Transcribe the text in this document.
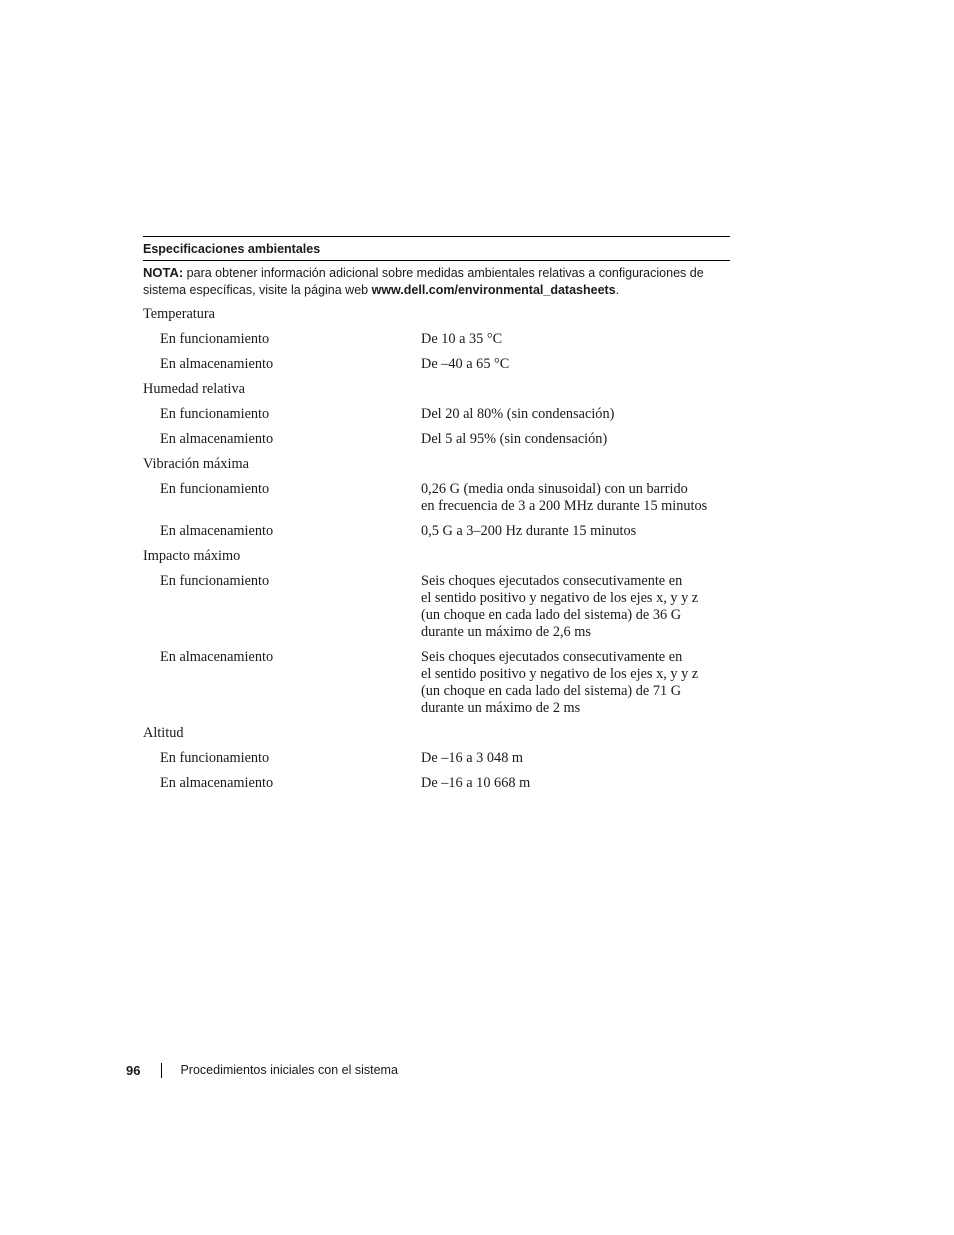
Especificaciones ambientales
NOTA: para obtener información adicional sobre medidas ambientales relativas a configuraciones de sistema específicas, visite la página web www.dell.com/environmental_datasheets.
Temperatura
En funcionamiento	De 10 a 35 °C
En almacenamiento	De –40 a 65 °C
Humedad relativa
En funcionamiento	Del 20 al 80% (sin condensación)
En almacenamiento	Del 5 al 95% (sin condensación)
Vibración máxima
En funcionamiento	0,26 G (media onda sinusoidal) con un barrido
en frecuencia de 3 a 200 MHz durante 15 minutos
En almacenamiento	0,5 G a 3–200 Hz durante 15 minutos
Impacto máximo
En funcionamiento	Seis choques ejecutados consecutivamente en
el sentido positivo y negativo de los ejes x, y y z
(un choque en cada lado del sistema) de 36 G
durante un máximo de 2,6 ms
En almacenamiento	Seis choques ejecutados consecutivamente en
el sentido positivo y negativo de los ejes x, y y z
(un choque en cada lado del sistema) de 71 G
durante un máximo de 2 ms
Altitud
En funcionamiento	De –16 a 3 048 m
En almacenamiento	De –16 a 10 668 m
96	Procedimientos iniciales con el sistema
